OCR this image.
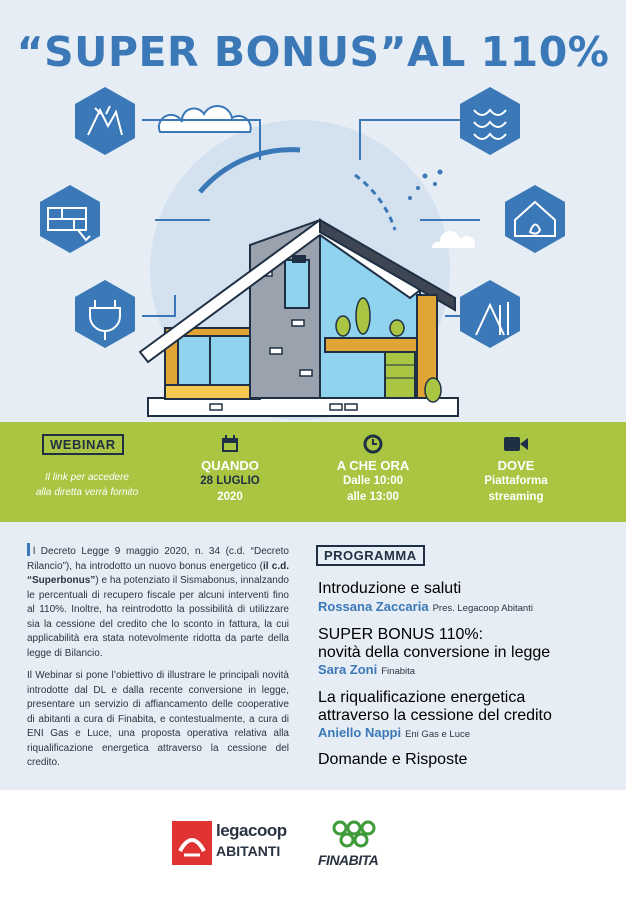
“SUPER BONUS”AL 110%
WEBINAR
Il link per accedere
alla diretta verrà fornito
QUANDO
28 LUGLIO
2020
A CHE ORA
Dalle 10:00
alle 13:00
DOVE
Piattaforma
streaming

l Decreto Legge 9 maggio 2020, n. 34 (c.d. “Decreto Rilancio”), ha introdotto un nuovo bonus energetico (il c.d. “Superbonus”) e ha potenziato il Sismabonus, innalzando le percentuali di recupero fiscale per alcuni interventi fino al 110%. Inoltre, ha reintrodotto la possibilità di utilizzare sia la cessione del credito che lo sconto in fattura, la cui applicabilità era stata notevolmente ridotta da parte della legge di Bilancio.

Il Webinar si pone l’obiettivo di illustrare le principali novità introdotte dal DL e dalla recente conversione in legge, presentare un servizio di affiancamento delle cooperative di abitanti a cura di Finabita, e contestualmente, a cura di ENI Gas e Luce, una proposta operativa relativa alla riqualificazione energetica attraverso la cessione del credito.

PROGRAMMA
Introduzione e saluti
Rossana Zaccaria Pres. Legacoop Abitanti
SUPER BONUS 110%:
novità della conversione in legge
Sara Zoni Finabita
La riqualificazione energetica
attraverso la cessione del credito
Aniello Nappi Eni Gas e Luce
Domande e Risposte
legacoop
ABITANTI
FINABITA
